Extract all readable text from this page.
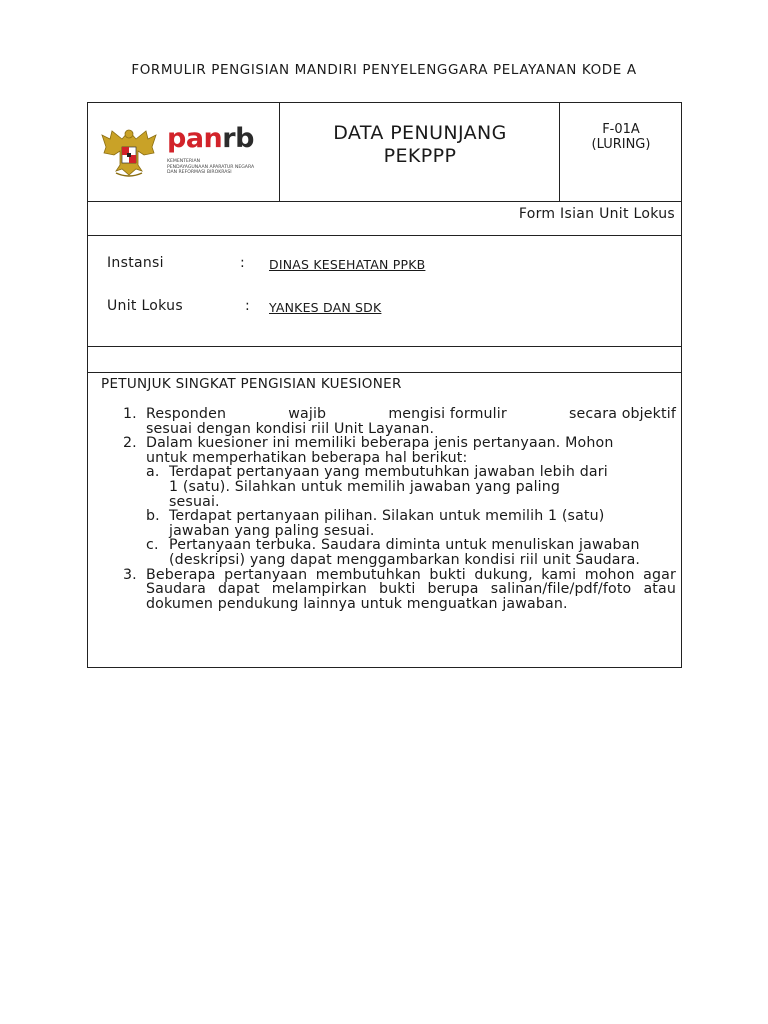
FORMULIR PENGISIAN MANDIRI PENYELENGGARA PELAYANAN KODE A
panrb
KEMENTERIAN
PENDAYAGUNAAN APARATUR NEGARA
DAN REFORMASI BIROKRASI
DATA PENUNJANG
PEKPPP
F-01A
(LURING)
Form Isian Unit Lokus
Instansi	: DINAS KESEHATAN PPKB
Unit Lokus	: YANKES DAN SDK
PETUNJUK SINGKAT PENGISIAN KUESIONER
1. Responden	wajib	mengisi formulir	secara objektif
sesuai dengan kondisi riil Unit Layanan.
2. Dalam kuesioner ini memiliki beberapa jenis pertanyaan. Mohon untuk memperhatikan beberapa hal berikut:
a. Terdapat pertanyaan yang membutuhkan jawaban lebih dari 1 (satu). Silahkan untuk memilih jawaban yang paling sesuai.
b. Terdapat pertanyaan pilihan. Silakan untuk memilih 1 (satu) jawaban yang paling sesuai.
c. Pertanyaan terbuka. Saudara diminta untuk menuliskan jawaban (deskripsi) yang dapat menggambarkan kondisi riil unit Saudara.
3. Beberapa pertanyaan membutuhkan bukti dukung, kami mohon agar Saudara dapat melampirkan bukti berupa salinan/file/pdf/foto atau dokumen pendukung lainnya untuk menguatkan jawaban.
